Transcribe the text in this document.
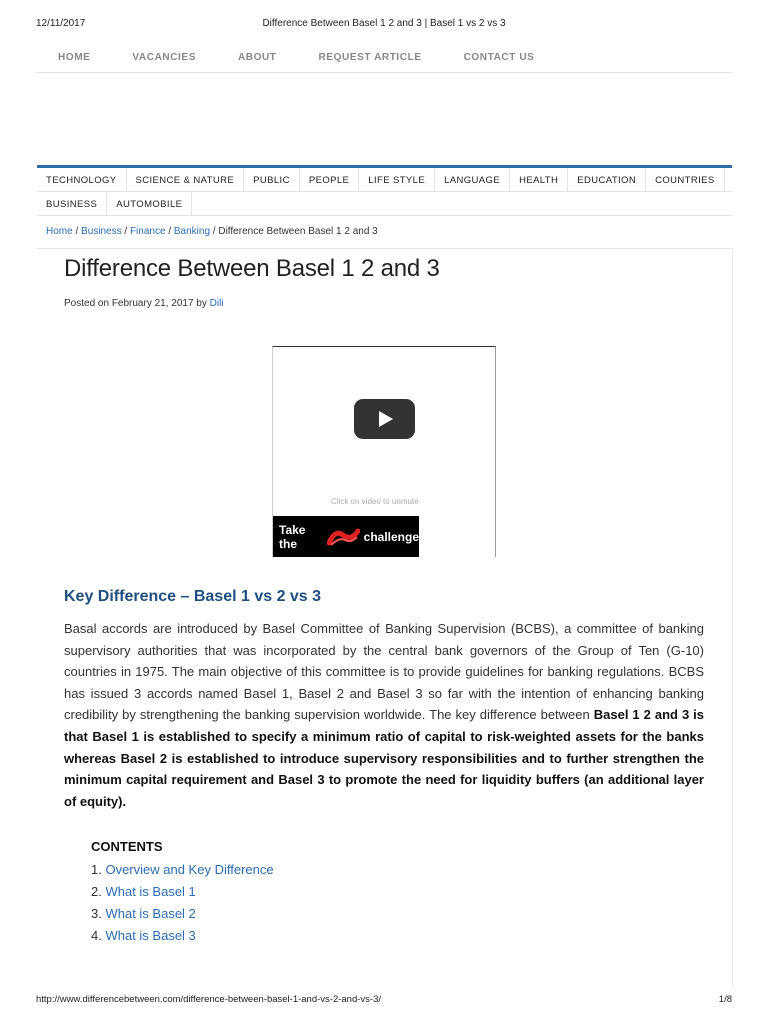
12/11/2017	Difference Between Basel 1 2 and 3 | Basel 1 vs 2 vs 3
HOME	VACANCIES	ABOUT	REQUEST ARTICLE	CONTACT US
TECHNOLOGY	SCIENCE & NATURE	PUBLIC	PEOPLE	LIFE STYLE	LANGUAGE	HEALTH	EDUCATION	COUNTRIES
BUSINESS	AUTOMOBILE
Home / Business / Finance / Banking / Difference Between Basel 1 2 and 3
Difference Between Basel 1 2 and 3
Posted on February 21, 2017 by Dili
Click on video to unmute
Take the	challenge
Key Difference – Basel 1 vs 2 vs 3

Basal accords are introduced by Basel Committee of Banking Supervision (BCBS), a committee of banking supervisory authorities that was incorporated by the central bank governors of the Group of Ten (G-10) countries in 1975. The main objective of this committee is to provide guidelines for banking regulations. BCBS has issued 3 accords named Basel 1, Basel 2 and Basel 3 so far with the intention of enhancing banking credibility by strengthening the banking supervision worldwide. The key difference between Basel 1 2 and 3 is that Basel 1 is established to specify a minimum ratio of capital to risk-weighted assets for the banks whereas Basel 2 is established to introduce supervisory responsibilities and to further strengthen the minimum capital requirement and Basel 3 to promote the need for liquidity buffers (an additional layer of equity).

CONTENTS
1. Overview and Key Difference
2. What is Basel 1
3. What is Basel 2
4. What is Basel 3
http://www.differencebetween.com/difference-between-basel-1-and-vs-2-and-vs-3/	1/8
